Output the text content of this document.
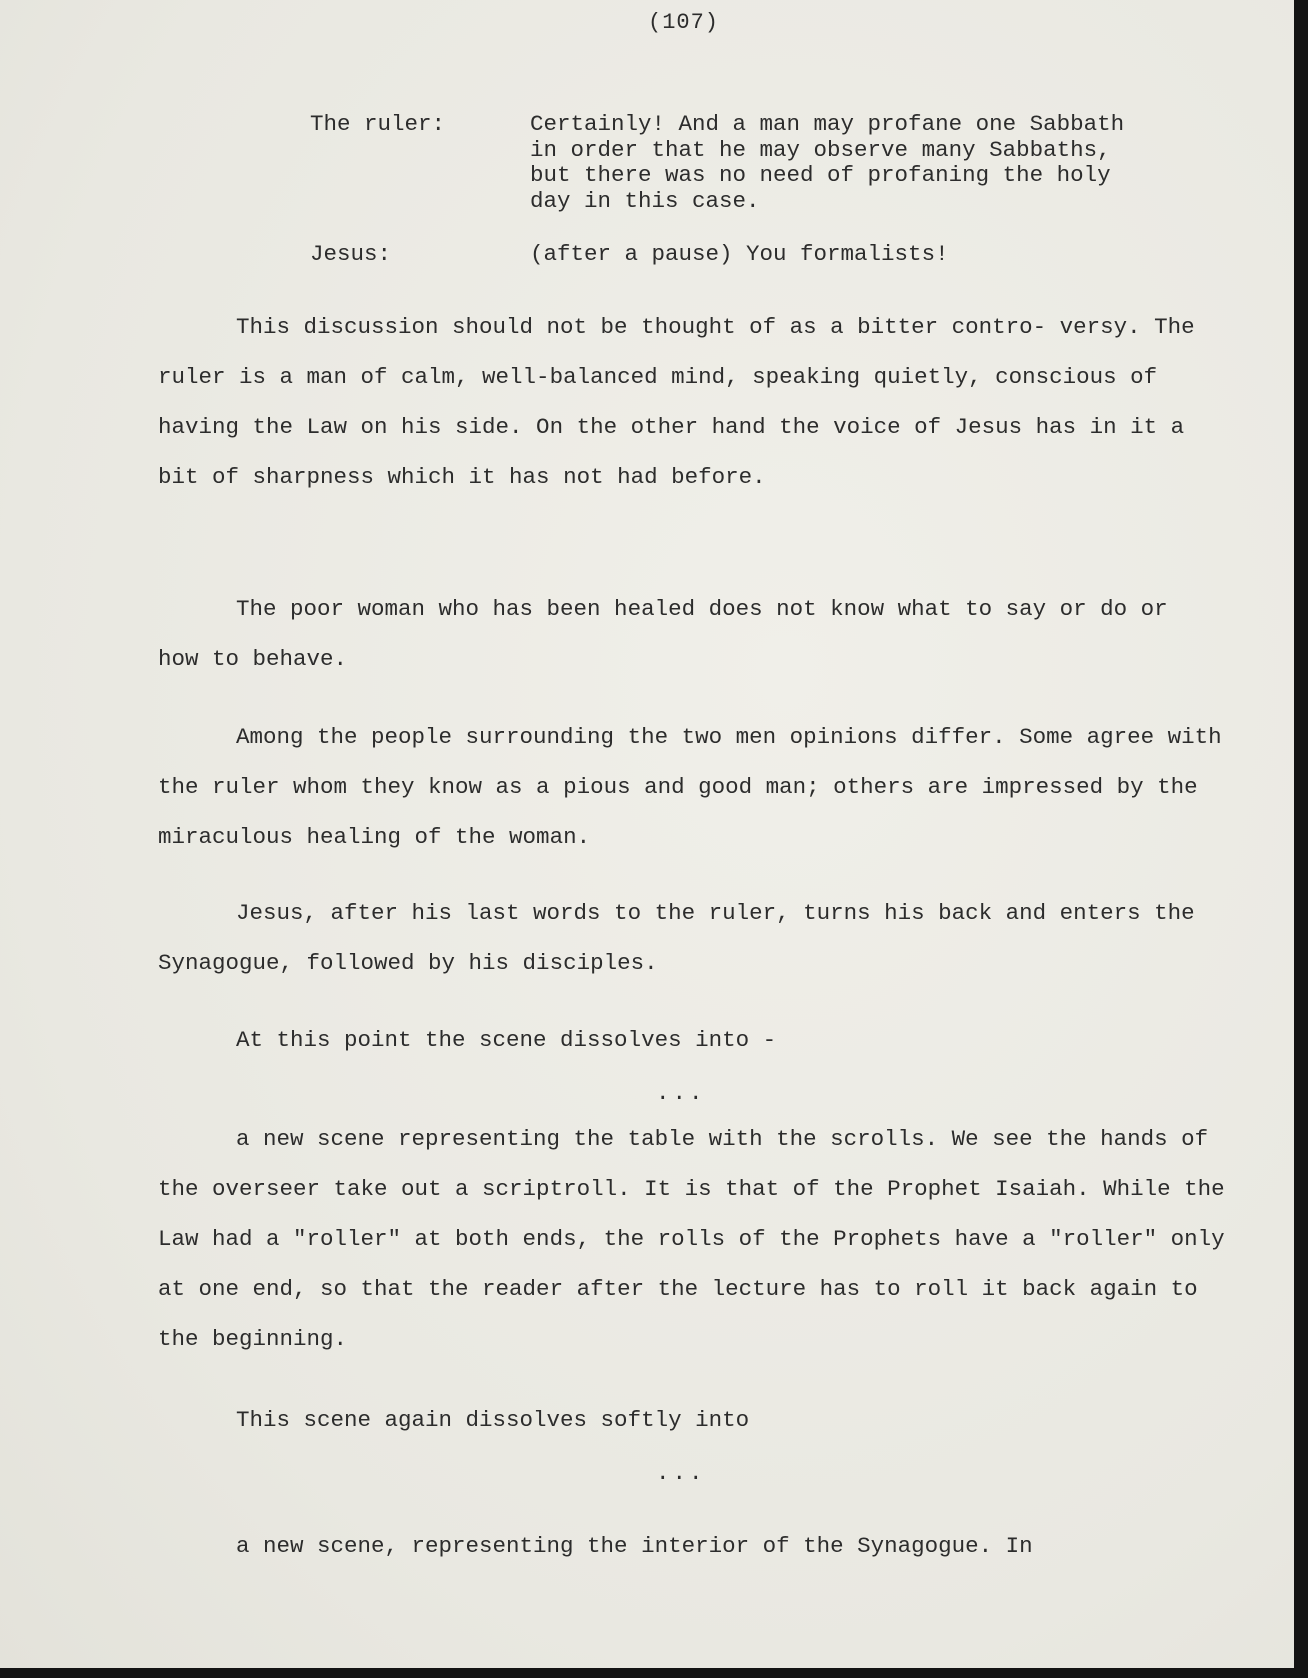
(107)
The ruler:	Certainly! And a man may profane one Sabbath
in order that he may observe many Sabbaths,
but there was no need of profaning the holy
day in this case.
Jesus:	(after a pause) You formalists!

This discussion should not be thought of as a bitter contro- versy. The ruler is a man of calm, well-balanced mind, speaking quietly, conscious of having the Law on his side. On the other hand the voice of Jesus has in it a bit of sharpness which it has not had before.

The poor woman who has been healed does not know what to say or do or how to behave.

Among the people surrounding the two men opinions differ. Some agree with the ruler whom they know as a pious and good man; others are impressed by the miraculous healing of the woman.

Jesus, after his last words to the ruler, turns his back and enters the Synagogue, followed by his disciples.

At this point the scene dissolves into -
...

a new scene representing the table with the scrolls. We see the hands of the overseer take out a scriptroll. It is that of the Prophet Isaiah. While the Law had a "roller" at both ends, the rolls of the Prophets have a "roller" only at one end, so that the reader after the lecture has to roll it back again to the beginning.

This scene again dissolves softly into
...
a new scene, representing the interior of the Synagogue. In
